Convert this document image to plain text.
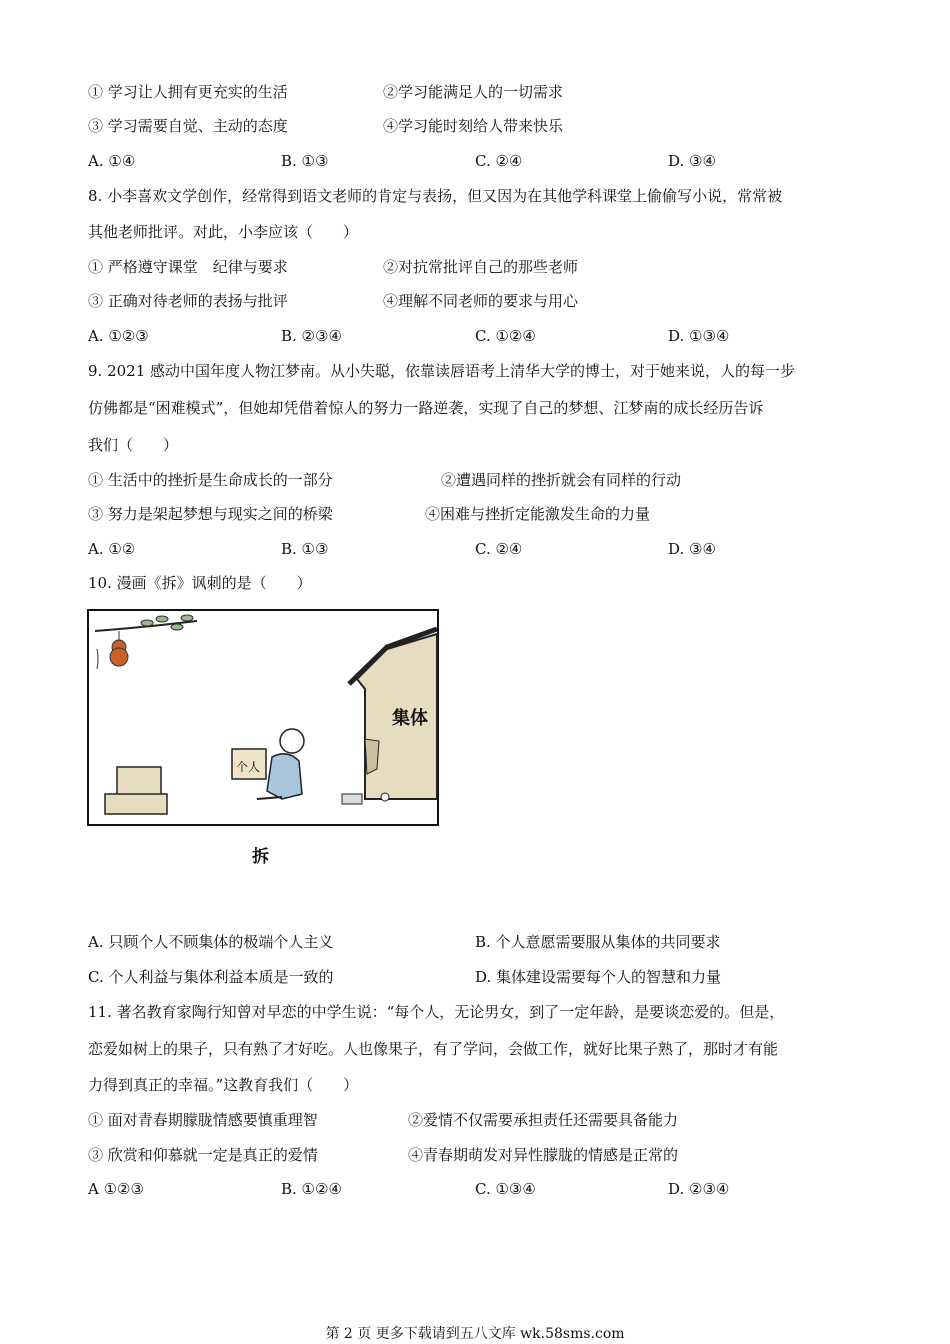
① 学习让人拥有更充实的生活	②学习能满足人的一切需求
③ 学习需要自觉、主动的态度	④学习能时刻给人带来快乐
A. ①④	B. ①③	C. ②④	D. ③④
8. 小李喜欢文学创作，经常得到语文老师的肯定与表扬，但又因为在其他学科课堂上偷偷写小说，常常被
其他老师批评。对此，小李应该（　　）
① 严格遵守课堂　纪律与要求	②对抗常批评自己的那些老师
③ 正确对待老师的表扬与批评	④理解不同老师的要求与用心
A. ①②③	B. ②③④	C. ①②④	D. ①③④
9. 2021 感动中国年度人物江梦南。从小失聪，依靠读唇语考上清华大学的博士，对于她来说，人的每一步
仿佛都是“困难模式”，但她却凭借着惊人的努力一路逆袭，实现了自己的梦想、江梦南的成长经历告诉
我们（　　）
① 生活中的挫折是生命成长的一部分	②遭遇同样的挫折就会有同样的行动
③ 努力是架起梦想与现实之间的桥梁	④困难与挫折定能激发生命的力量
A. ①②	B. ①③	C. ②④	D. ③④
10. 漫画《拆》讽刺的是（　　）
集体
个人
拆
A. 只顾个人不顾集体的极端个人主义	B. 个人意愿需要服从集体的共同要求
C. 个人利益与集体利益本质是一致的	D. 集体建设需要每个人的智慧和力量
11. 著名教育家陶行知曾对早恋的中学生说：“每个人，无论男女，到了一定年龄，是要谈恋爱的。但是，
恋爱如树上的果子，只有熟了才好吃。人也像果子，有了学问，会做工作，就好比果子熟了，那时才有能
力得到真正的幸福。”这教育我们（　　）
① 面对青春期朦胧情感要慎重理智	②爱情不仅需要承担责任还需要具备能力
③ 欣赏和仰慕就一定是真正的爱情	④青春期萌发对异性朦胧的情感是正常的
A ①②③	B. ①②④	C. ①③④	D. ②③④
第 2 页 更多下载请到五八文库 wk.58sms.com
